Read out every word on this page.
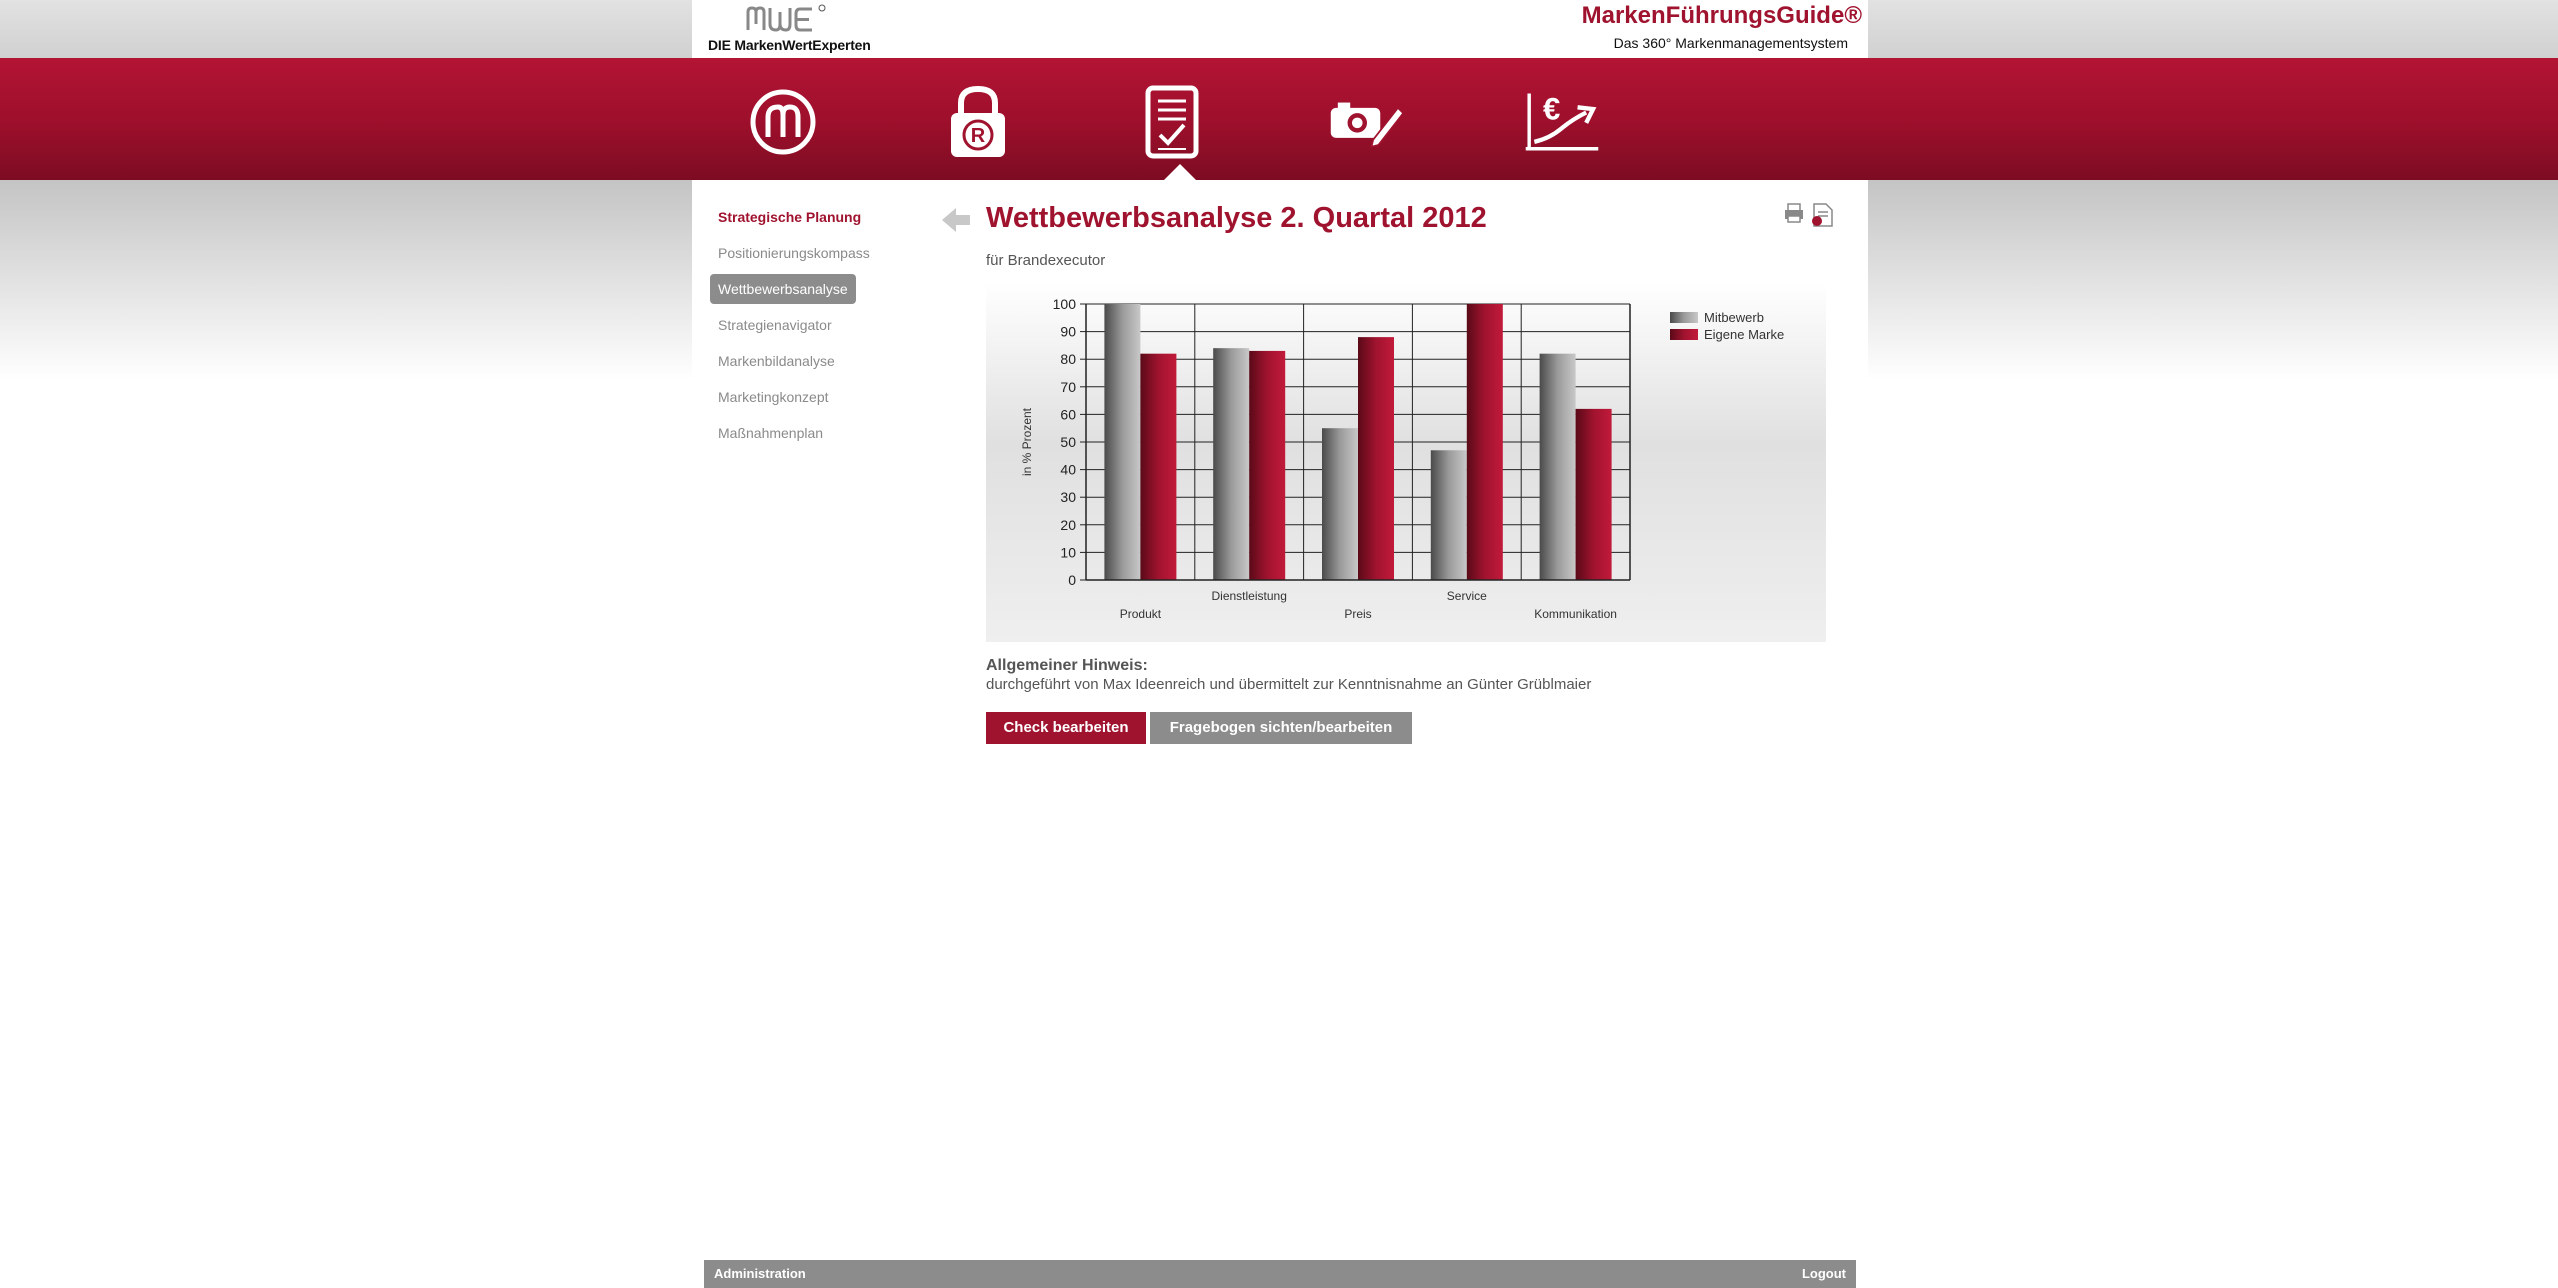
DIE MarkenWertExperten
MarkenFührungsGuide®
Das 360° Markenmanagementsystem
R
€
Strategische Planung
Positionierungskompass
Wettbewerbsanalyse
Strategienavigator
Markenbildanalyse
Marketingkonzept
Maßnahmenplan
Wettbewerbsanalyse 2. Quartal 2012
für Brandexecutor
0
10
20
30
40
50
60
70
80
90
100
Produkt
Dienstleistung
Preis
Service
Kommunikation
in % Prozent
Mitbewerb
Eigene Marke
Allgemeiner Hinweis:
durchgeführt von Max Ideenreich und übermittelt zur Kenntnisnahme an Günter Grüblmaier
Check bearbeiten	Fragebogen sichten/bearbeiten
Administration	Logout
